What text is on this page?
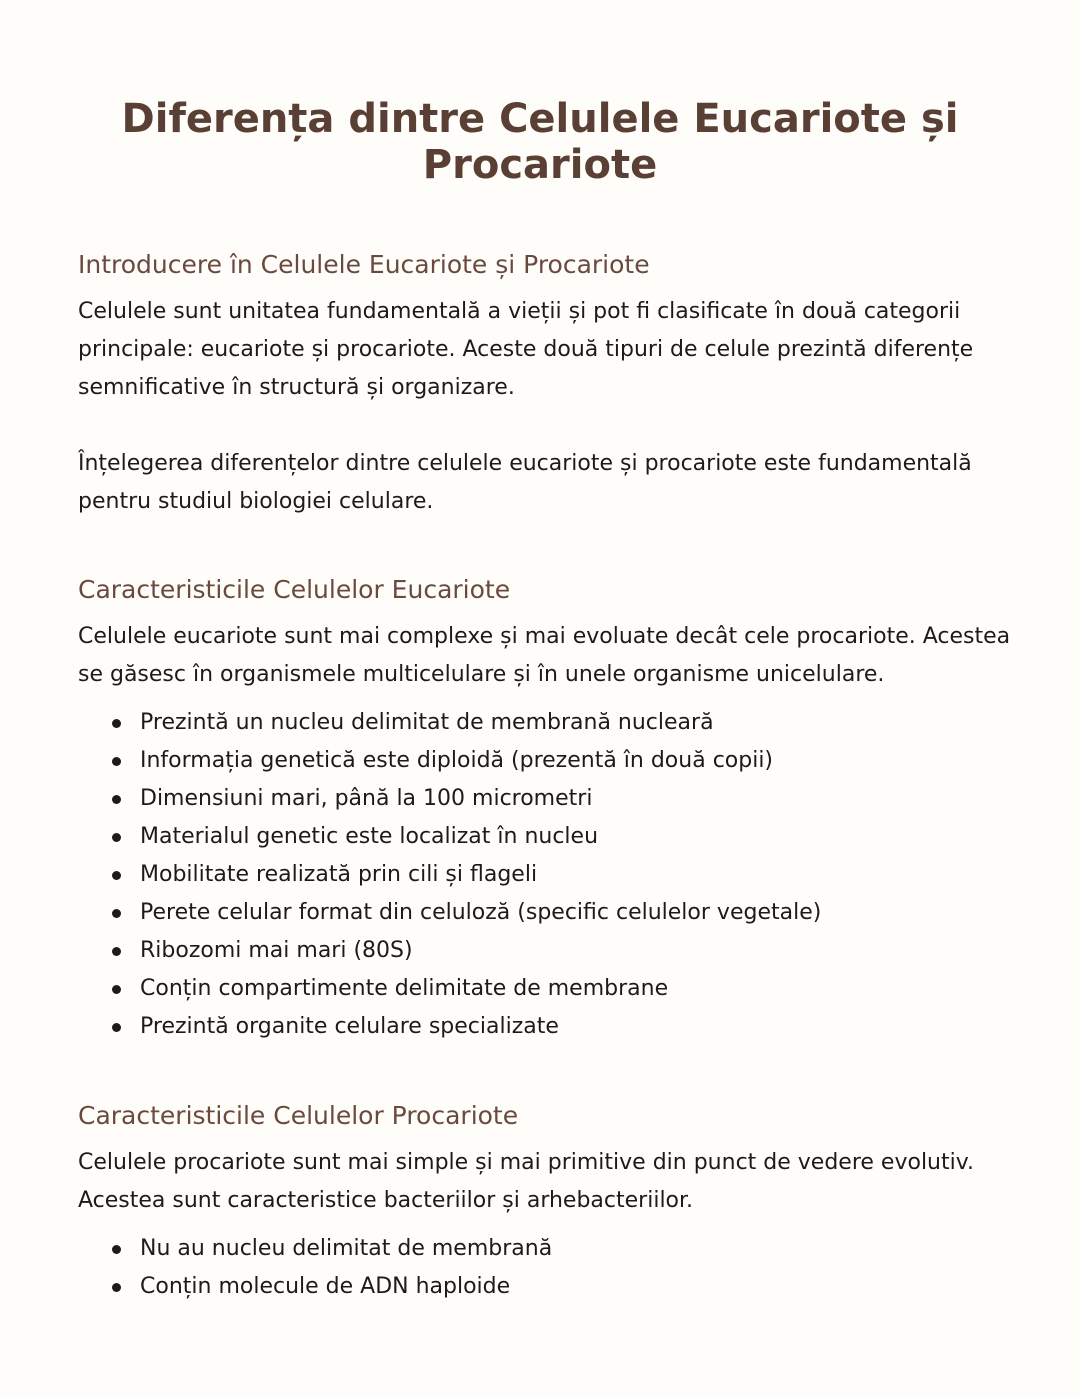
Diferența dintre Celulele Eucariote și Procariote
Introducere în Celulele Eucariote și Procariote

Celulele sunt unitatea fundamentală a vieții și pot fi clasificate în două categorii principale: eucariote și procariote. Aceste două tipuri de celule prezintă diferențe semnificative în structură și organizare.

Înțelegerea diferențelor dintre celulele eucariote și procariote este fundamentală pentru studiul biologiei celulare.

Caracteristicile Celulelor Eucariote

Celulele eucariote sunt mai complexe și mai evoluate decât cele procariote. Acestea se găsesc în organismele multicelulare și în unele organisme unicelulare.

Prezintă un nucleu delimitat de membrană nucleară
Informația genetică este diploidă (prezentă în două copii)
Dimensiuni mari, până la 100 micrometri
Materialul genetic este localizat în nucleu
Mobilitate realizată prin cili și flageli
Perete celular format din celuloză (specific celulelor vegetale)
Ribozomi mai mari (80S)
Conțin compartimente delimitate de membrane
Prezintă organite celulare specializate
Caracteristicile Celulelor Procariote

Celulele procariote sunt mai simple și mai primitive din punct de vedere evolutiv. Acestea sunt caracteristice bacteriilor și arhebacteriilor.

Nu au nucleu delimitat de membrană
Conțin molecule de ADN haploide
